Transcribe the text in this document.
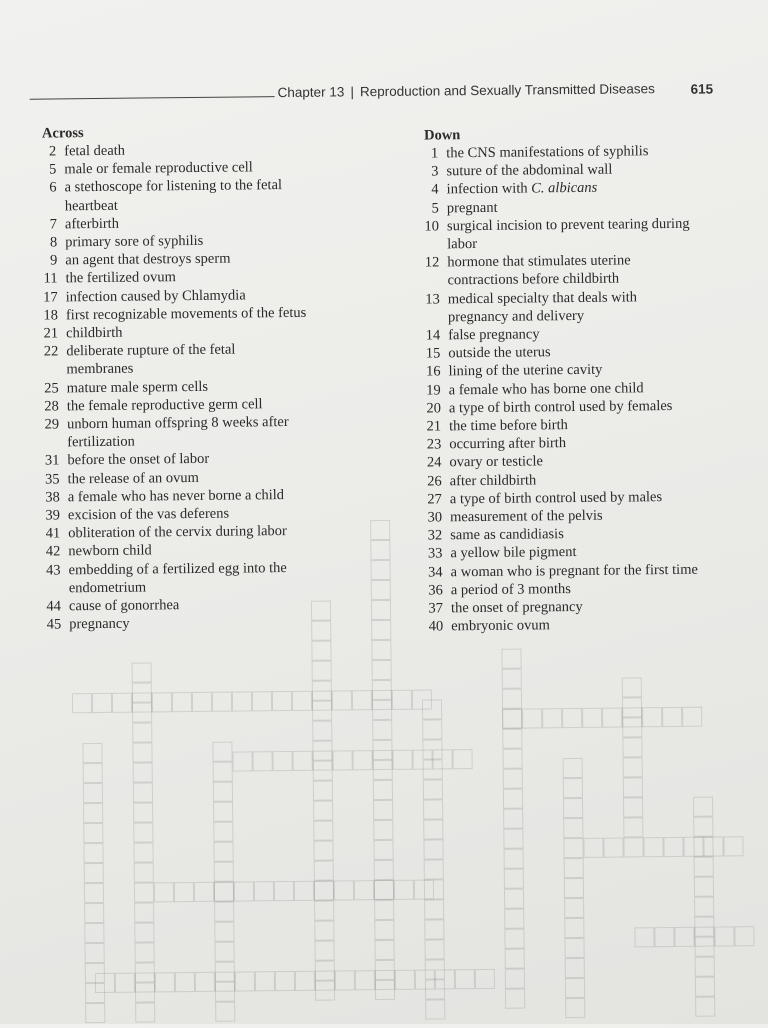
Chapter 13 | Reproduction and Sexually Transmitted Diseases	615
Across
2 fetal death
5 male or female reproductive cell
6 a stethoscope for listening to the fetal heartbeat
7 afterbirth
8 primary sore of syphilis
9 an agent that destroys sperm
11 the fertilized ovum
17 infection caused by Chlamydia
18 first recognizable movements of the fetus
21 childbirth
22 deliberate rupture of the fetal membranes
25 mature male sperm cells
28 the female reproductive germ cell
29 unborn human offspring 8 weeks after fertilization
31 before the onset of labor
35 the release of an ovum
38 a female who has never borne a child
39 excision of the vas deferens
41 obliteration of the cervix during labor
42 newborn child
43 embedding of a fertilized egg into the endometrium
44 cause of gonorrhea
45 pregnancy
Down
1 the CNS manifestations of syphilis
3 suture of the abdominal wall
4 infection with C. albicans
5 pregnant
10 surgical incision to prevent tearing during labor
12 hormone that stimulates uterine contractions before childbirth
13 medical specialty that deals with pregnancy and delivery
14 false pregnancy
15 outside the uterus
16 lining of the uterine cavity
19 a female who has borne one child
20 a type of birth control used by females
21 the time before birth
23 occurring after birth
24 ovary or testicle
26 after childbirth
27 a type of birth control used by males
30 measurement of the pelvis
32 same as candidiasis
33 a yellow bile pigment
34 a woman who is pregnant for the first time
36 a period of 3 months
37 the onset of pregnancy
40 embryonic ovum
